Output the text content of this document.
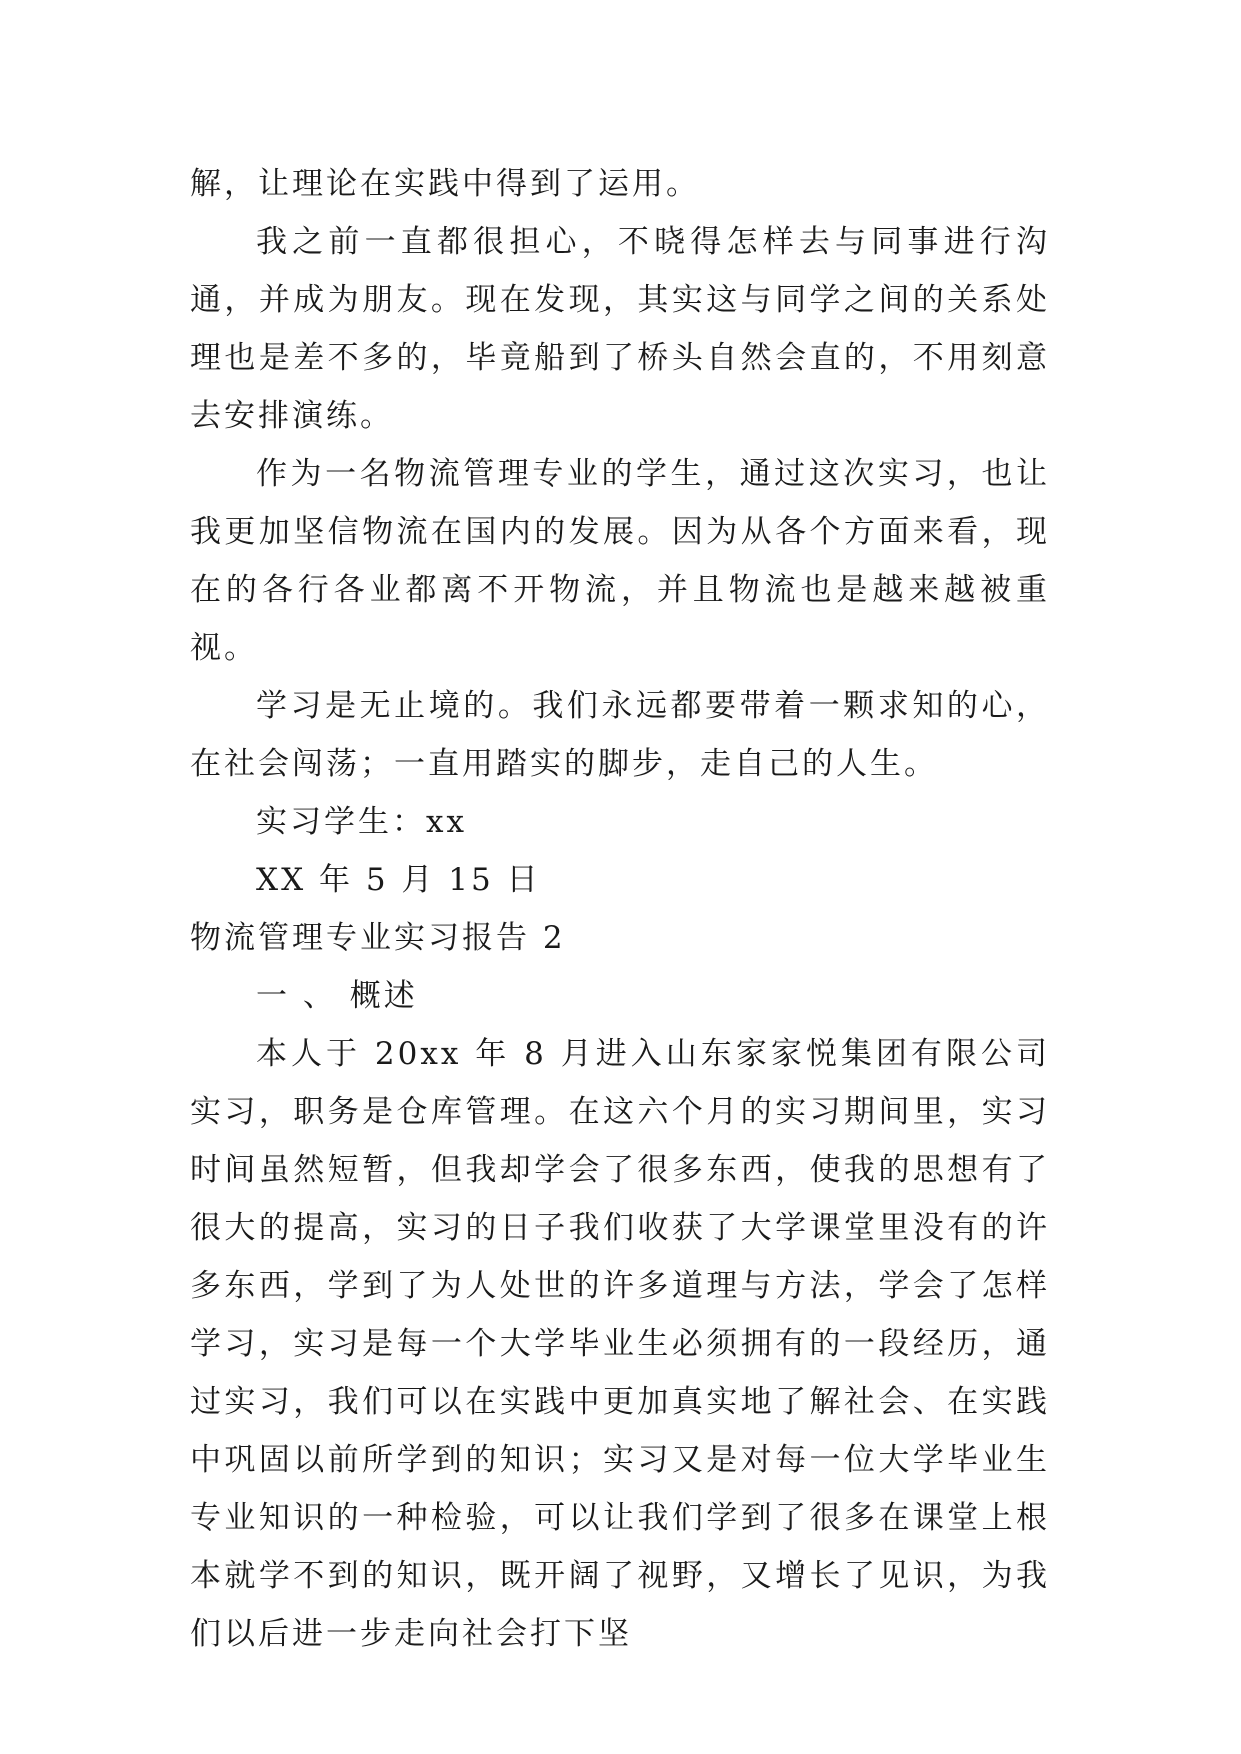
解，让理论在实践中得到了运用。

我之前一直都很担心，不晓得怎样去与同事进行沟通，并成为朋友。现在发现，其实这与同学之间的关系处理也是差不多的，毕竟船到了桥头自然会直的，不用刻意去安排演练。

作为一名物流管理专业的学生，通过这次实习，也让我更加坚信物流在国内的发展。因为从各个方面来看，现在的各行各业都离不开物流，并且物流也是越来越被重视。

学习是无止境的。我们永远都要带着一颗求知的心，在社会闯荡；一直用踏实的脚步，走自己的人生。

实习学生：xx

XX 年 5 月 15 日

物流管理专业实习报告 2

一 、 概述

本人于 20xx 年 8 月进入山东家家悦集团有限公司实习，职务是仓库管理。在这六个月的实习期间里，实习时间虽然短暂，但我却学会了很多东西，使我的思想有了很大的提高，实习的日子我们收获了大学课堂里没有的许多东西，学到了为人处世的许多道理与方法，学会了怎样学习，实习是每一个大学毕业生必须拥有的一段经历，通过实习，我们可以在实践中更加真实地了解社会、在实践中巩固以前所学到的知识；实习又是对每一位大学毕业生专业知识的一种检验，可以让我们学到了很多在课堂上根本就学不到的知识，既开阔了视野，又增长了见识，为我们以后进一步走向社会打下坚
